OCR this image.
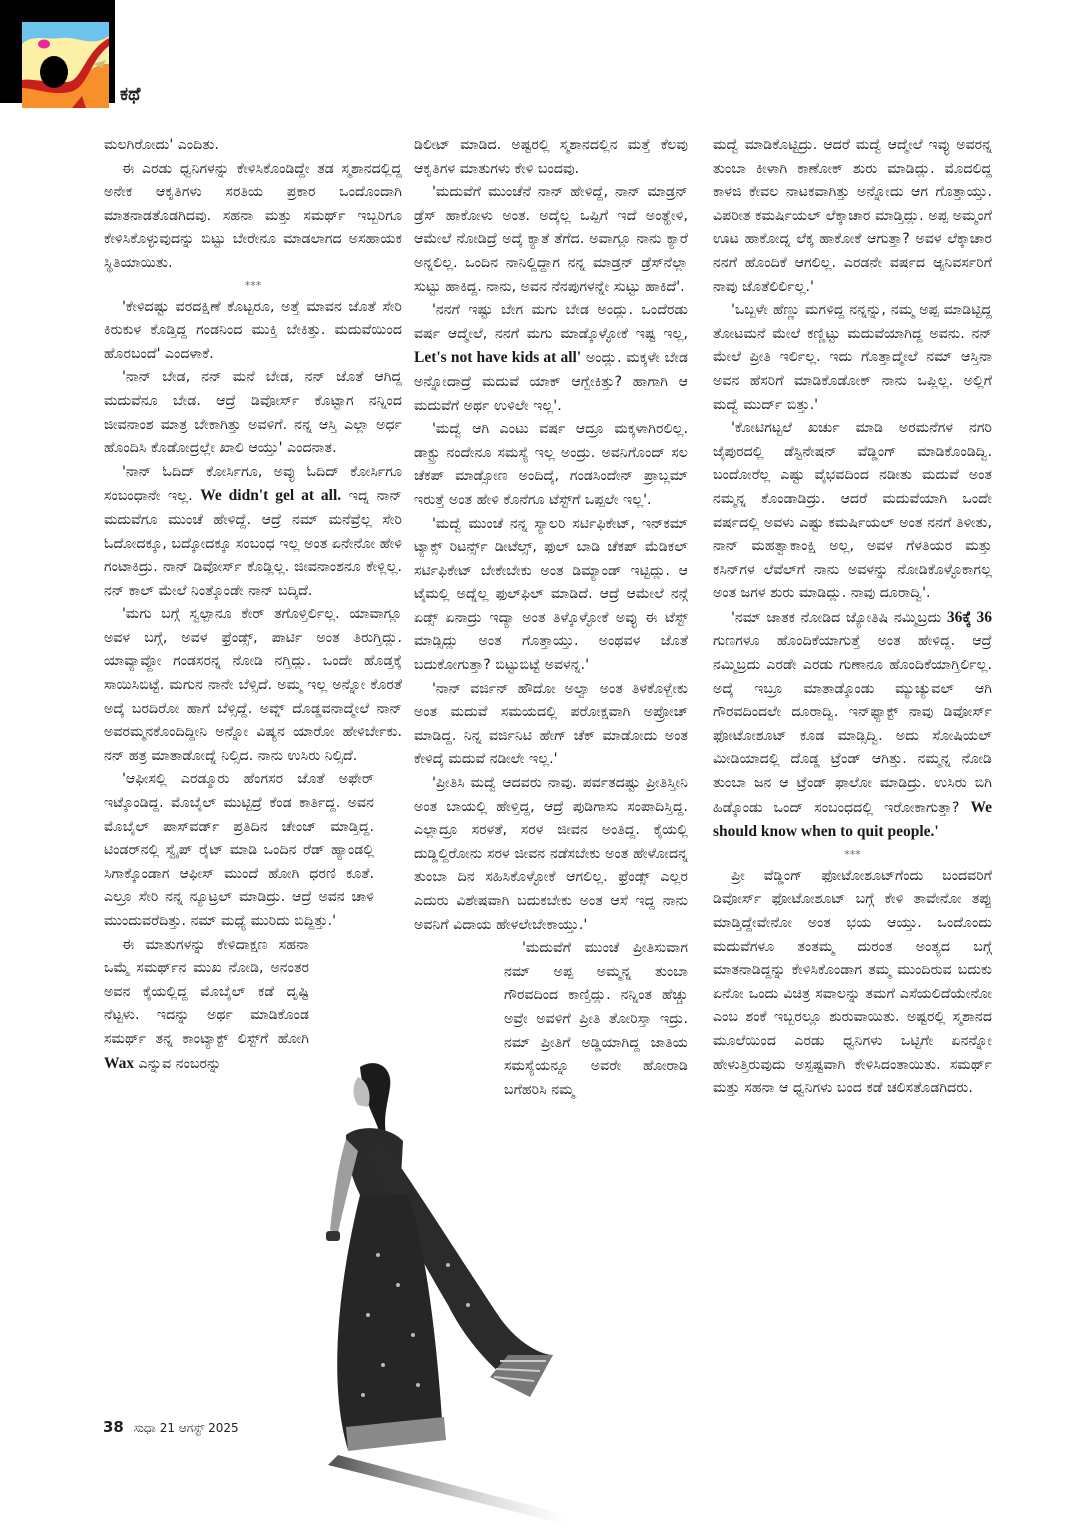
ಕಥೆ

ಮಲಗಿರೋದು' ಎಂದಿತು.

ಈ ಎರಡು ಧ್ವನಿಗಳನ್ನು ಕೇಳಿಸಿಕೊಂಡಿದ್ದೇ ತಡ ಸ್ಮಶಾನದಲ್ಲಿದ್ದ ಅನೇಕ ಆಕೃತಿಗಳು ಸರತಿಯ ಪ್ರಕಾರ ಒಂದೊಂದಾಗಿ ಮಾತನಾಡತೊಡಗಿದವು. ಸಹನಾ ಮತ್ತು ಸಮರ್ಥ್ ಇಬ್ಬರಿಗೂ ಕೇಳಿಸಿಕೊಳ್ಳುವುದನ್ನು ಬಿಟ್ಟು ಬೇರೇನೂ ಮಾಡಲಾಗದ ಅಸಹಾಯಕ ಸ್ಥಿತಿಯಾಯಿತು.

***

'ಕೇಳಿದಷ್ಟು ವರದಕ್ಷಿಣೆ ಕೊಟ್ಟರೂ, ಅತ್ತೆ ಮಾವನ ಜೊತೆ ಸೇರಿ ಕಿರುಕುಳ ಕೊಡ್ತಿದ್ದ ಗಂಡನಿಂದ ಮುಕ್ತಿ ಬೇಕಿತ್ತು. ಮದುವೆಯಿಂದ ಹೊರಬಂದೆ' ಎಂದಳಾಕೆ.

'ನಾನ್ ಬೇಡ, ನನ್ ಮನೆ ಬೇಡ, ನನ್ ಜೊತೆ ಆಗಿದ್ದ ಮದುವೆನೂ ಬೇಡ. ಆದ್ರೆ ಡಿವೋರ್ಸ್ ಕೊಟ್ಟಾಗ ನನ್ನಿಂದ ಜೀವನಾಂಶ ಮಾತ್ರ ಬೇಕಾಗಿತ್ತು ಅವಳಿಗೆ. ನನ್ನ ಆಸ್ತಿ ಎಲ್ಲಾ ಅರ್ಧ ಹೊಂದಿಸಿ ಕೊಡೋದ್ರಲ್ಲೇ ಖಾಲಿ ಆಯ್ತು' ಎಂದನಾತ.

'ನಾನ್ ಓದಿದ್ ಕೋರ್ಸಿಗೂ, ಅವ್ಳು ಓದಿದ್ ಕೋರ್ಸಿಗೂ ಸಂಬಂಧಾನೇ ಇಲ್ಲ. We didn't gel at all. ಇದ್ನ ನಾನ್ ಮದುವೆಗೂ ಮುಂಚೆ ಹೇಳಿದ್ದೆ. ಆದ್ರೆ ನಮ್ ಮನೆವ್ರೆಲ್ಲ ಸೇರಿ ಓದೋದಕ್ಕೂ, ಬದ್ಕೋದಕ್ಕೂ ಸಂಬಂಧ ಇಲ್ಲ ಅಂತ ಏನೇನೋ ಹೇಳಿ ಗಂಟಾಕಿದ್ರು. ನಾನ್ ಡಿವೋರ್ಸ್ ಕೊಡ್ಲಿಲ್ಲ. ಜೀವನಾಂಶನೂ ಕೇಳ್ಲಿಲ್ಲ. ನನ್ ಕಾಲ್ ಮೇಲೆ ನಿಂತ್ಕೊಂಡೇ ನಾನ್ ಬದ್ಕಿದೆ.

'ಮಗು ಬಗ್ಗೆ ಸ್ವಲ್ಪಾನೂ ಕೇರ್ ತಗೊಳ್ತಿರ್ಲಿಲ್ಲ. ಯಾವಾಗ್ಲೂ ಅವಳ ಬಗ್ಗೆ, ಅವಳ ಫ್ರೆಂಡ್ಸ್, ಪಾರ್ಟಿ ಅಂತ ತಿರುಗ್ತಿದ್ಲು. ಯಾವ್ಯಾವ್ದೋ ಗಂಡಸರನ್ನ ನೋಡಿ ನಗ್ತಿದ್ಲು. ಒಂದೇ ಹೊಡ್ತಕ್ಕೆ ಸಾಯಿಸಿಬಿಟ್ಟೆ. ಮಗುನ ನಾನೇ ಬೆಳ್ಸಿದೆ. ಅಮ್ಮ ಇಲ್ಲ ಅನ್ನೋ ಕೊರತೆ ಅದ್ಕೆ ಬರದಿರೋ ಹಾಗೆ ಬೆಳ್ಸಿದ್ದೆ. ಅವ್ನ್ ದೊಡ್ಡವನಾದ್ಮೇಲೆ ನಾನ್ ಅವರಮ್ಮನಕೊಂದಿದ್ದೀನಿ ಅನ್ನೋ ವಿಷ್ಯನ ಯಾರೋ ಹೇಳಿರ್ಬೇಕು. ನನ್ ಹತ್ರ ಮಾತಾಡೋದ್ನೆ ನಿಲ್ಸಿದ. ನಾನು ಉಸಿರು ನಿಲ್ಸಿದೆ.

'ಆಫೀಸಲ್ಲಿ ಎರಡ್ಮೂರು ಹೆಂಗಸರ ಜೊತೆ ಅಫೇರ್ ಇಟ್ಕೊಂಡಿದ್ದ. ಮೊಬೈಲ್ ಮುಟ್ಟಿದ್ರೆ ಕೆಂಡ ಕಾರ್ತಿದ್ದ. ಅವನ ಮೊಬೈಲ್ ಪಾಸ್‌ವರ್ಡ್ ಪ್ರತಿದಿನ ಚೇಂಜ್ ಮಾಡ್ತಿದ್ದ. ಟಿಂಡರ್‌ನಲ್ಲಿ ಸ್ವೈಪ್ ರೈಟ್ ಮಾಡಿ ಒಂದಿನ ರೆಡ್ ಹ್ಯಾಂಡಲ್ಲಿ ಸಿಗಾಕ್ಕೊಂಡಾಗ ಆಫೀಸ್ ಮುಂದೆ ಹೋಗಿ ಧರಣಿ ಕೂತೆ. ಎಲ್ರೂ ಸೇರಿ ನನ್ನ ನ್ಯೂಟ್ರಲ್ ಮಾಡಿದ್ರು. ಆದ್ರೆ ಅವನ ಚಾಳಿ ಮುಂದುವರೆದಿತ್ತು. ನಮ್ ಮಧ್ಯೆ ಮುರಿದು ಬಿದ್ದಿತ್ತು.'

ಈ ಮಾತುಗಳನ್ನು ಕೇಳಿದಾಕ್ಷಣ ಸಹನಾ ಒಮ್ಮೆ ಸಮರ್ಥ್‌ನ ಮುಖ ನೋಡಿ, ಅನಂತರ ಅವನ ಕೈಯಲ್ಲಿದ್ದ ಮೊಬೈಲ್ ಕಡೆ ದೃಷ್ಟಿ ನೆಟ್ಟಳು. ಇದನ್ನು ಅರ್ಥ ಮಾಡಿಕೊಂಡ ಸಮರ್ಥ್ ತನ್ನ ಕಾಂಟ್ಯಾಕ್ಟ್ ಲಿಸ್ಟ್‌ಗೆ ಹೋಗಿ Wax ಎನ್ನುವ ನಂಬರನ್ನು

ಡಿಲೀಟ್ ಮಾಡಿದ. ಅಷ್ಟರಲ್ಲಿ ಸ್ಮಶಾನದಲ್ಲಿನ ಮತ್ತೆ ಕೆಲವು ಆಕೃತಿಗಳ ಮಾತುಗಳು ಕೇಳಿ ಬಂದವು.

'ಮದುವೆಗೆ ಮುಂಚೆನೆ ನಾನ್ ಹೇಳಿದ್ದೆ, ನಾನ್ ಮಾಡ್ರನ್ ಡ್ರೆಸ್ ಹಾಕೋಳು ಅಂತ. ಅದ್ಕೆಲ್ಲ ಒಪ್ಪಿಗೆ ಇದೆ ಅಂತ್ಹೇಳಿ, ಆಮೇಲೆ ನೋಡಿದ್ರೆ ಅದ್ಕೆ ಕ್ಯಾತೆ ತೆಗೆದ. ಅವಾಗ್ಲೂ ನಾನು ಕ್ಯಾರೆ ಅನ್ನಲಿಲ್ಲ. ಒಂದಿನ ನಾನಿಲ್ದಿದ್ದಾಗ ನನ್ನ ಮಾಡ್ರನ್ ಡ್ರೆಸ್‌ನೆಲ್ಲಾ ಸುಟ್ಟು ಹಾಕಿದ್ದ. ನಾನು, ಅವನ ನೆನಪುಗಳನ್ನೇ ಸುಟ್ಟು ಹಾಕಿದೆ'.

'ನನಗೆ ಇಷ್ಟು ಬೇಗ ಮಗು ಬೇಡ ಅಂದ್ಲು. ಒಂದೆರಡು ವರ್ಷ ಆದ್ಮೇಲೆ, ನನಗೆ ಮಗು ಮಾಡ್ಕೊಳ್ಳೋಕೆ ಇಷ್ಟ ಇಲ್ಲ, Let's not have kids at all' ಅಂದ್ಲು. ಮಕ್ಕಳೇ ಬೇಡ ಅನ್ನೋದಾದ್ರೆ ಮದುವೆ ಯಾಕ್ ಆಗ್ಬೇಕಿತ್ತು? ಹಾಗಾಗಿ ಆ ಮದುವೆಗೆ ಅರ್ಥ ಉಳಿಲೇ ಇಲ್ಲ'.

'ಮದ್ವೆ ಆಗಿ ಎಂಟು ವರ್ಷ ಆದ್ರೂ ಮಕ್ಕಳಾಗಿರಲಿಲ್ಲ. ಡಾಕ್ಟ್ರು ನಂದೇನೂ ಸಮಸ್ಯೆ ಇಲ್ಲ ಅಂದ್ರು. ಅವನಿಗೊಂದ್ ಸಲ ಚೆಕಪ್ ಮಾಡ್ಸೋಣ ಅಂದಿದ್ಕೆ, ಗಂಡಸಿಂದೇನ್ ಪ್ರಾಬ್ಲಮ್ ಇರುತ್ತೆ ಅಂತ ಹೇಳಿ ಕೊನೆಗೂ ಟೆಸ್ಟ್‌ಗೆ ಒಪ್ಪಲೇ ಇಲ್ಲ'.

'ಮದ್ವೆ ಮುಂಚೆ ನನ್ನ ಸ್ಯಾಲರಿ ಸರ್ಟಿಫಿಕೇಟ್, ಇನ್‌ಕಮ್ ಟ್ಯಾಕ್ಸ್ ರಿಟರ್ನ್ಸ್ ಡೀಟೆಲ್ಸ್, ಫುಲ್ ಬಾಡಿ ಚೆಕಪ್ ಮೆಡಿಕಲ್ ಸರ್ಟಿಫಿಕೇಟ್ ಬೇಕೇಬೇಕು ಅಂತ ಡಿಮ್ಯಾಂಡ್ ಇಟ್ಟಿದ್ಲು. ಆ ಟೈಮಲ್ಲಿ ಅದ್ನೆಲ್ಲ ಫುಲ್‌ಫಿಲ್ ಮಾಡಿದೆ. ಆದ್ರೆ ಆಮೇಲೆ ನನ್ಗೆ ಏಡ್ಸ್ ಏನಾದ್ರು ಇದ್ಯಾ ಅಂತ ತಿಳ್ಕೊಳ್ಳೋಕೆ ಅವ್ಳು ಈ ಟೆಸ್ಟ್ ಮಾಡ್ಸಿದ್ಲು ಅಂತ ಗೊತ್ತಾಯ್ತು. ಅಂಥವಳ ಜೊತೆ ಬದುಕೋಗುತ್ತಾ? ಬಿಟ್ಟುಬಿಟ್ಟೆ ಅವಳನ್ನ.'

'ನಾನ್ ವರ್ಜಿನ್ ಹೌದೋ ಅಲ್ವಾ ಅಂತ ತಿಳಕೊಳ್ಬೇಕು ಅಂತ ಮದುವೆ ಸಮಯದಲ್ಲಿ ಪರೋಕ್ಷವಾಗಿ ಅಪ್ರೋಚ್ ಮಾಡಿದ್ದ. ನಿನ್ನ ವರ್ಜಿನಿಟಿ ಹೇಗ್ ಚೆಕ್ ಮಾಡೋದು ಅಂತ ಕೇಳಿದ್ಕೆ ಮದುವೆ ನಡೀಲೇ ಇಲ್ಲ.'

'ಪ್ರೀತಿಸಿ ಮದ್ವೆ ಆದವರು ನಾವು. ಪರ್ವತದಷ್ಟು ಪ್ರೀತಿಸ್ತೀನಿ ಅಂತ ಬಾಯಲ್ಲಿ ಹೇಳ್ತಿದ್ದ, ಆದ್ರೆ ಪುಡಿಗಾಸು ಸಂಪಾದಿಸ್ತಿದ್ದ. ಎಲ್ಲಾದ್ರೂ ಸರಳತೆ, ಸರಳ ಜೀವನ ಅಂತಿದ್ದ. ಕೈಯಲ್ಲಿ ದುಡ್ಡಿಲ್ದಿರೋನು ಸರಳ ಜೀವನ ನಡೆಸಬೇಕು ಅಂತ ಹೇಳೋದನ್ನ ತುಂಬಾ ದಿನ ಸಹಿಸಿಕೊಳ್ಳೋಕೆ ಆಗಲಿಲ್ಲ. ಫ್ರೆಂಡ್ಸ್ ಎಲ್ಲರ ಎದುರು ವಿಶೇಷವಾಗಿ ಬದುಕಬೇಕು ಅಂತ ಆಸೆ ಇದ್ದ ನಾನು ಅವನಿಗೆ ವಿದಾಯ ಹೇಳಲೇಬೇಕಾಯ್ತು.'

'ಮದುವೆಗೆ ಮುಂಚೆ ಪ್ರೀತಿಸುವಾಗ ನಮ್ ಅಪ್ಪ ಅಮ್ಮನ್ನ ತುಂಬಾ ಗೌರವದಿಂದ ಕಾಣ್ತಿದ್ಲು. ನನ್ನಿಂತ ಹೆಚ್ಚು ಅವ್ರೇ ಅವಳಿಗೆ ಪ್ರೀತಿ ತೋರಿಸ್ತಾ ಇದ್ರು. ನಮ್ ಪ್ರೀತಿಗೆ ಅಡ್ಡಿಯಾಗಿದ್ದ ಜಾತಿಯ ಸಮಸ್ಯೆಯನ್ನೂ ಅವರೇ ಹೋರಾಡಿ ಬಗೆಹರಿಸಿ ನಮ್ಮ

ಮದ್ವೆ ಮಾಡಿಕೊಟ್ಟಿದ್ರು. ಆದರೆ ಮದ್ವೆ ಆದ್ಮೇಲೆ ಇವ್ಳು ಅವರನ್ನ ತುಂಬಾ ಕೀಳಾಗಿ ಕಾಣೋಕ್ ಶುರು ಮಾಡಿದ್ಲು. ಮೊದಲಿದ್ದ ಕಾಳಜಿ ಕೇವಲ ನಾಟಕವಾಗಿತ್ತು ಅನ್ನೋದು ಆಗ ಗೊತ್ತಾಯ್ತು. ವಿಪರೀತ ಕಮರ್ಷಿಯಲ್ ಲೆಕ್ಕಾಚಾರ ಮಾಡ್ತಿದ್ಲು. ಅಪ್ಪ ಅಮ್ಮಂಗೆ ಊಟ ಹಾಕೋದ್ನ ಲೆಕ್ಕ ಹಾಕೋಕೆ ಆಗುತ್ತಾ? ಅವಳ ಲೆಕ್ಕಾಚಾರ ನನಗೆ ಹೊಂದಿಕೆ ಆಗಲಿಲ್ಲ. ಎರಡನೇ ವರ್ಷದ ಆ್ಯನಿವರ್ಸರಿಗೆ ನಾವು ಜೊತೆಲಿರ್ಲಿಲ್ಲ.'

'ಒಬ್ಬಳೇ ಹೆಣ್ಣು ಮಗಳಿದ್ದ ನನ್ನನ್ನು, ನಮ್ಮ ಅಪ್ಪ ಮಾಡಿಟ್ಟಿದ್ದ ತೋಟಮನೆ ಮೇಲೆ ಕಣ್ಣಿಟ್ಟು ಮದುವೆಯಾಗಿದ್ದ ಅವನು. ನನ್ ಮೇಲೆ ಪ್ರೀತಿ ಇರ್ಲಿಲ್ಲ. ಇದು ಗೊತ್ತಾದ್ಮೇಲೆ ನಮ್ ಆಸ್ತಿನಾ ಅವನ ಹೆಸರಿಗೆ ಮಾಡಿಕೊಡೋಕ್ ನಾನು ಒಪ್ಲಿಲ್ಲ. ಅಲ್ಲಿಗೆ ಮದ್ವೆ ಮುರ್ದ್ ಬಿತ್ತು.'

'ಕೋಟಿಗಟ್ಟಲೆ ಖರ್ಚು ಮಾಡಿ ಅರಮನೆಗಳ ನಗರಿ ಜೈಪುರದಲ್ಲಿ ಡೆಸ್ಟಿನೇಷನ್ ವೆಡ್ಡಿಂಗ್ ಮಾಡಿಕೊಂಡಿದ್ವಿ. ಬಂದೋರೆಲ್ಲ ಎಷ್ಟು ವೈಭವದಿಂದ ನಡೀತು ಮದುವೆ ಅಂತ ನಮ್ಮನ್ನ ಕೊಂಡಾಡಿದ್ರು. ಆದರೆ ಮದುವೆಯಾಗಿ ಒಂದೇ ವರ್ಷದಲ್ಲಿ ಅವಳು ಎಷ್ಟು ಕಮರ್ಷಿಯಲ್ ಅಂತ ನನಗೆ ತಿಳೀತು, ನಾನ್ ಮಹತ್ವಾಕಾಂಕ್ಷಿ ಅಲ್ಲ, ಅವಳ ಗೆಳತಿಯರ ಮತ್ತು ಕಸಿನ್‌ಗಳ ಲೆವೆಲ್‌ಗೆ ನಾನು ಅವಳನ್ನು ನೋಡಿಕೊಳ್ಳೊಕಾಗಲ್ಲ ಅಂತ ಜಗಳ ಶುರು ಮಾಡಿದ್ಲು. ನಾವು ದೂರಾದ್ವಿ'.

'ನಮ್ ಜಾತಕ ನೋಡಿದ ಜ್ಯೋತಿಷಿ ನಮ್ಮಿಬ್ರದು 36ಕ್ಕೆ 36 ಗುಣಗಳೂ ಹೊಂದಿಕೆಯಾಗುತ್ತೆ ಅಂತ ಹೇಳಿದ್ದ. ಆದ್ರೆ ನಮ್ಮಿಬ್ರದು ಎರಡೇ ಎರಡು ಗುಣಾನೂ ಹೊಂದಿಕೆಯಾಗ್ತಿರ್ಲಿಲ್ಲ. ಅದ್ಕೆ ಇಬ್ರೂ ಮಾತಾಡ್ಕೊಂಡು ಮ್ಯುಚ್ಯುವಲ್ ಆಗಿ ಗೌರವದಿಂದಲೇ ದೂರಾದ್ವಿ. ಇನ್‌ಫ್ಯಾಕ್ಟ್ ನಾವು ಡಿವೋರ್ಸ್ ಫೋಟೋಶೂಟ್ ಕೂಡ ಮಾಡ್ಸಿದ್ವಿ. ಅದು ಸೋಷಿಯಲ್ ಮೀಡಿಯಾದಲ್ಲಿ ದೊಡ್ಡ ಟ್ರೆಂಡ್ ಆಗಿತ್ತು. ನಮ್ಮನ್ನ ನೋಡಿ ತುಂಬಾ ಜನ ಆ ಟ್ರೆಂಡ್ ಫಾಲೋ ಮಾಡಿದ್ರು. ಉಸಿರು ಬಿಗಿ ಹಿಡ್ಕೊಂಡು ಒಂದ್ ಸಂಬಂಧದಲ್ಲಿ ಇರೋಕಾಗುತ್ತಾ? We should know when to quit people.'

***

ಪ್ರೀ ವೆಡ್ಡಿಂಗ್ ಫೋಟೋಶೂಟ್‌ಗೆಂದು ಬಂದವರಿಗೆ ಡಿವೋರ್ಸ್ ಫೋಟೋಶೂಟ್ ಬಗ್ಗೆ ಕೇಳಿ ತಾವೇನೋ ತಪ್ಪು ಮಾಡ್ತಿದ್ದೇವೇನೋ ಅಂತ ಭಯ ಆಯ್ತು. ಒಂದೊಂದು ಮದುವೆಗಳೂ ತಂತಮ್ಮ ದುರಂತ ಅಂತ್ಯದ ಬಗ್ಗೆ ಮಾತನಾಡಿದ್ದನ್ನು ಕೇಳಿಸಿಕೊಂಡಾಗ ತಮ್ಮ ಮುಂದಿರುವ ಬದುಕು ಏನೋ ಒಂದು ವಿಚಿತ್ರ ಸವಾಲನ್ನು ತಮಗೆ ಎಸೆಯಲಿದೆಯೇನೋ ಎಂಬ ಶಂಕೆ ಇಬ್ಬರಲ್ಲೂ ಶುರುವಾಯಿತು. ಅಷ್ಟರಲ್ಲಿ ಸ್ಮಶಾನದ ಮೂಲೆಯಿಂದ ಎರಡು ಧ್ವನಿಗಳು ಒಟ್ಟಿಗೇ ಏನನ್ನೋ ಹೇಳುತ್ತಿರುವುದು ಅಸ್ಪಷ್ಟವಾಗಿ ಕೇಳಿಸಿದಂತಾಯಿತು. ಸಮರ್ಥ್ ಮತ್ತು ಸಹನಾ ಆ ಧ್ವನಿಗಳು ಬಂದ ಕಡೆ ಚಲಿಸತೊಡಗಿದರು.

38 ಸುಧಾ 21 ಆಗಸ್ಟ್ 2025
